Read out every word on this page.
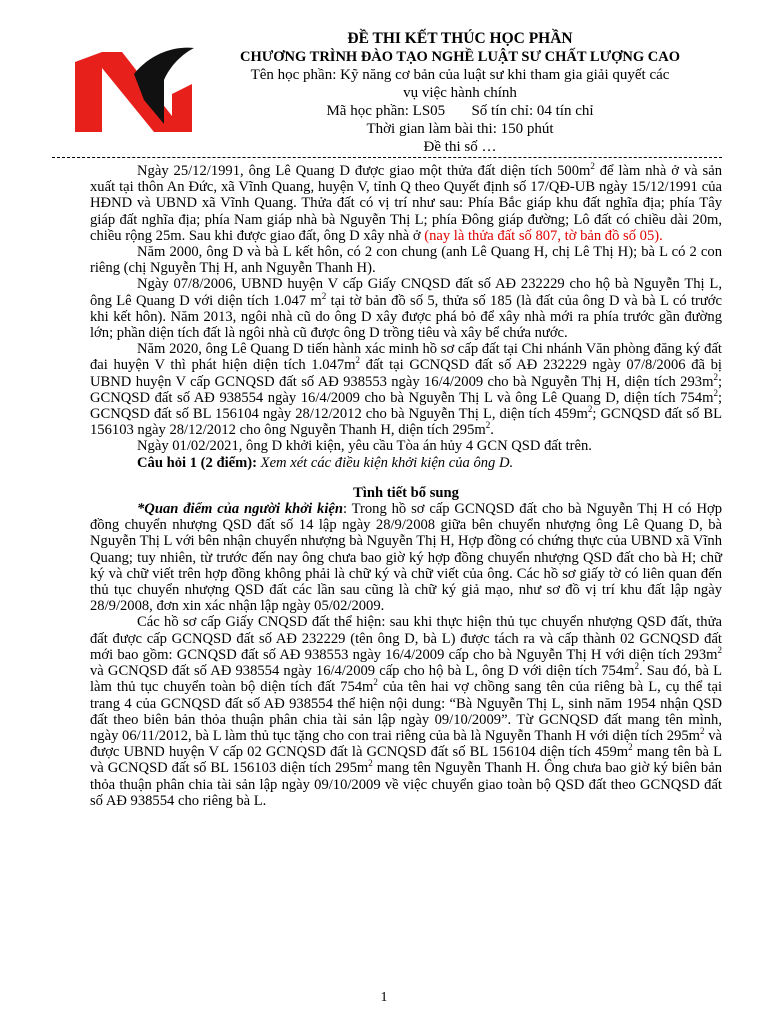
ĐỀ THI KẾT THÚC HỌC PHẦN
CHƯƠNG TRÌNH ĐÀO TẠO NGHỀ LUẬT SƯ CHẤT LƯỢNG CAO
Tên học phần: Kỹ năng cơ bản của luật sư khi tham gia giải quyết các
vụ việc hành chính
Mã học phần: LS05 Số tín chỉ: 04 tín chỉ
Thời gian làm bài thi: 150 phút
Đề thi số …

Ngày 25/12/1991, ông Lê Quang D được giao một thửa đất diện tích $500m^2$ để làm nhà ở và sản xuất tại thôn An Đức, xã Vĩnh Quang, huyện V, tỉnh Q theo Quyết định số 17/QĐ-UB ngày 15/12/1991 của HĐND và UBND xã Vĩnh Quang. Thửa đất có vị trí như sau: Phía Bắc giáp khu đất nghĩa địa; phía Tây giáp đất nghĩa địa; phía Nam giáp nhà bà Nguyễn Thị L; phía Đông giáp đường; Lô đất có chiều dài 20m, chiều rộng 25m. Sau khi được giao đất, ông D xây nhà ở (nay là thửa đất số 807, tờ bản đồ số 05).

Năm 2000, ông D và bà L kết hôn, có 2 con chung (anh Lê Quang H, chị Lê Thị H); bà L có 2 con riêng (chị Nguyễn Thị H, anh Nguyễn Thanh H).

Ngày 07/8/2006, UBND huyện V cấp Giấy CNQSD đất số AĐ 232229 cho hộ bà Nguyễn Thị L, ông Lê Quang D với diện tích 1.047 $m^2$ tại tờ bản đồ số 5, thửa số 185 (là đất của ông D và bà L có trước khi kết hôn). Năm 2013, ngôi nhà cũ do ông D xây được phá bỏ để xây nhà mới ra phía trước gần đường lớn; phần diện tích đất là ngôi nhà cũ được ông D trồng tiêu và xây bể chứa nước.

Năm 2020, ông Lê Quang D tiến hành xác minh hồ sơ cấp đất tại Chi nhánh Văn phòng đăng ký đất đai huyện V thì phát hiện diện tích $1.047m^2$ đất tại GCNQSD đất số AĐ 232229 ngày 07/8/2006 đã bị UBND huyện V cấp GCNQSD đất số AĐ 938553 ngày 16/4/2009 cho bà Nguyễn Thị H, diện tích $293m^2$; GCNQSD đất số AĐ 938554 ngày 16/4/2009 cho bà Nguyễn Thị L và ông Lê Quang D, diện tích $754m^2$; GCNQSD đất số BL 156104 ngày 28/12/2012 cho bà Nguyễn Thị L, diện tích $459m^2$; GCNQSD đất số BL 156103 ngày 28/12/2012 cho ông Nguyễn Thanh H, diện tích $295m^2$.

Ngày 01/02/2021, ông D khởi kiện, yêu cầu Tòa án hủy 4 GCN QSD đất trên.

Câu hỏi 1 (2 điểm): Xem xét các điều kiện khởi kiện của ông D.

Tình tiết bổ sung

*Quan điểm của người khởi kiện: Trong hồ sơ cấp GCNQSD đất cho bà Nguyễn Thị H có Hợp đồng chuyển nhượng QSD đất số 14 lập ngày 28/9/2008 giữa bên chuyển nhượng ông Lê Quang D, bà Nguyễn Thị L với bên nhận chuyển nhượng bà Nguyễn Thị H, Hợp đồng có chứng thực của UBND xã Vĩnh Quang; tuy nhiên, từ trước đến nay ông chưa bao giờ ký hợp đồng chuyển nhượng QSD đất cho bà H; chữ ký và chữ viết trên hợp đồng không phải là chữ ký và chữ viết của ông. Các hồ sơ giấy tờ có liên quan đến thủ tục chuyển nhượng QSD đất các lần sau cũng là chữ ký giả mạo, như sơ đồ vị trí khu đất lập ngày 28/9/2008, đơn xin xác nhận lập ngày 05/02/2009.

Các hồ sơ cấp Giấy CNQSD đất thể hiện: sau khi thực hiện thủ tục chuyển nhượng QSD đất, thửa đất được cấp GCNQSD đất số AĐ 232229 (tên ông D, bà L) được tách ra và cấp thành 02 GCNQSD đất mới bao gồm: GCNQSD đất số AĐ 938553 ngày 16/4/2009 cấp cho bà Nguyễn Thị H với diện tích $293m^2$ và GCNQSD đất số AĐ 938554 ngày 16/4/2009 cấp cho hộ bà L, ông D với diện tích $754m^2$. Sau đó, bà L làm thủ tục chuyển toàn bộ diện tích đất $754m^2$ của tên hai vợ chồng sang tên của riêng bà L, cụ thể tại trang 4 của GCNQSD đất số AĐ 938554 thể hiện nội dung: “Bà Nguyễn Thị L, sinh năm 1954 nhận QSD đất theo biên bản thỏa thuận phân chia tài sản lập ngày 09/10/2009”. Từ GCNQSD đất mang tên mình, ngày 06/11/2012, bà L làm thủ tục tặng cho con trai riêng của bà là Nguyễn Thanh H với diện tích $295m^2$ và được UBND huyện V cấp 02 GCNQSD đất là GCNQSD đất số BL 156104 diện tích $459m^2$ mang tên bà L và GCNQSD đất số BL 156103 diện tích $295m^2$ mang tên Nguyễn Thanh H. Ông chưa bao giờ ký biên bản thỏa thuận phân chia tài sản lập ngày 09/10/2009 về việc chuyển giao toàn bộ QSD đất theo GCNQSD đất số AĐ 938554 cho riêng bà L.

1
